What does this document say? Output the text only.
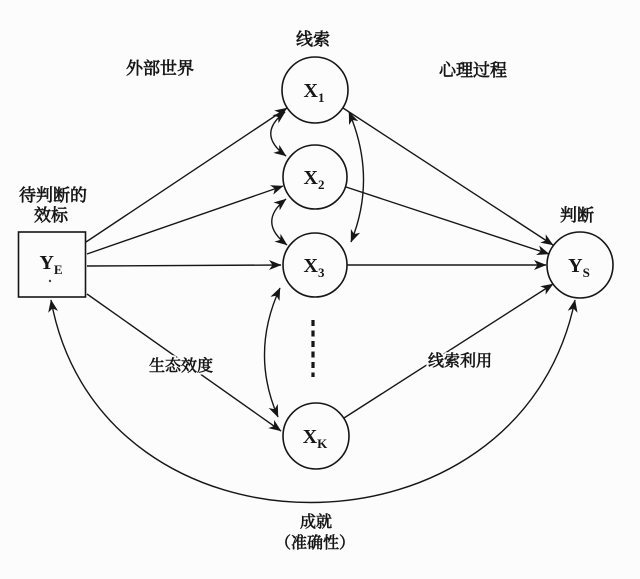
$Y_E$
$X_1$
$X_2$
$X_3$
$X_K$
$Y_S$
线索
外部世界	心理过程
待判断的
效标	判断
生态效度	线索利用
成就
（准确性）
